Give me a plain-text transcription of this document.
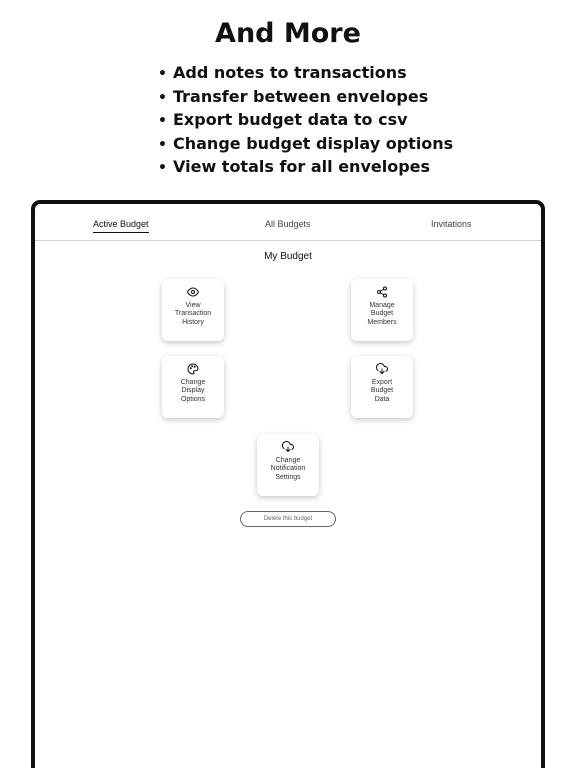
And More
• Add notes to transactions
• Transfer between envelopes
• Export budget data to csv
• Change budget display options
• View totals for all envelopes
Active Budget	All Budgets	Invitations
My Budget
View
Transaction
History
Manage
Budget
Members
Change
Display
Options
Export
Budget
Data
Change
Notification
Settings
Delete this budget
